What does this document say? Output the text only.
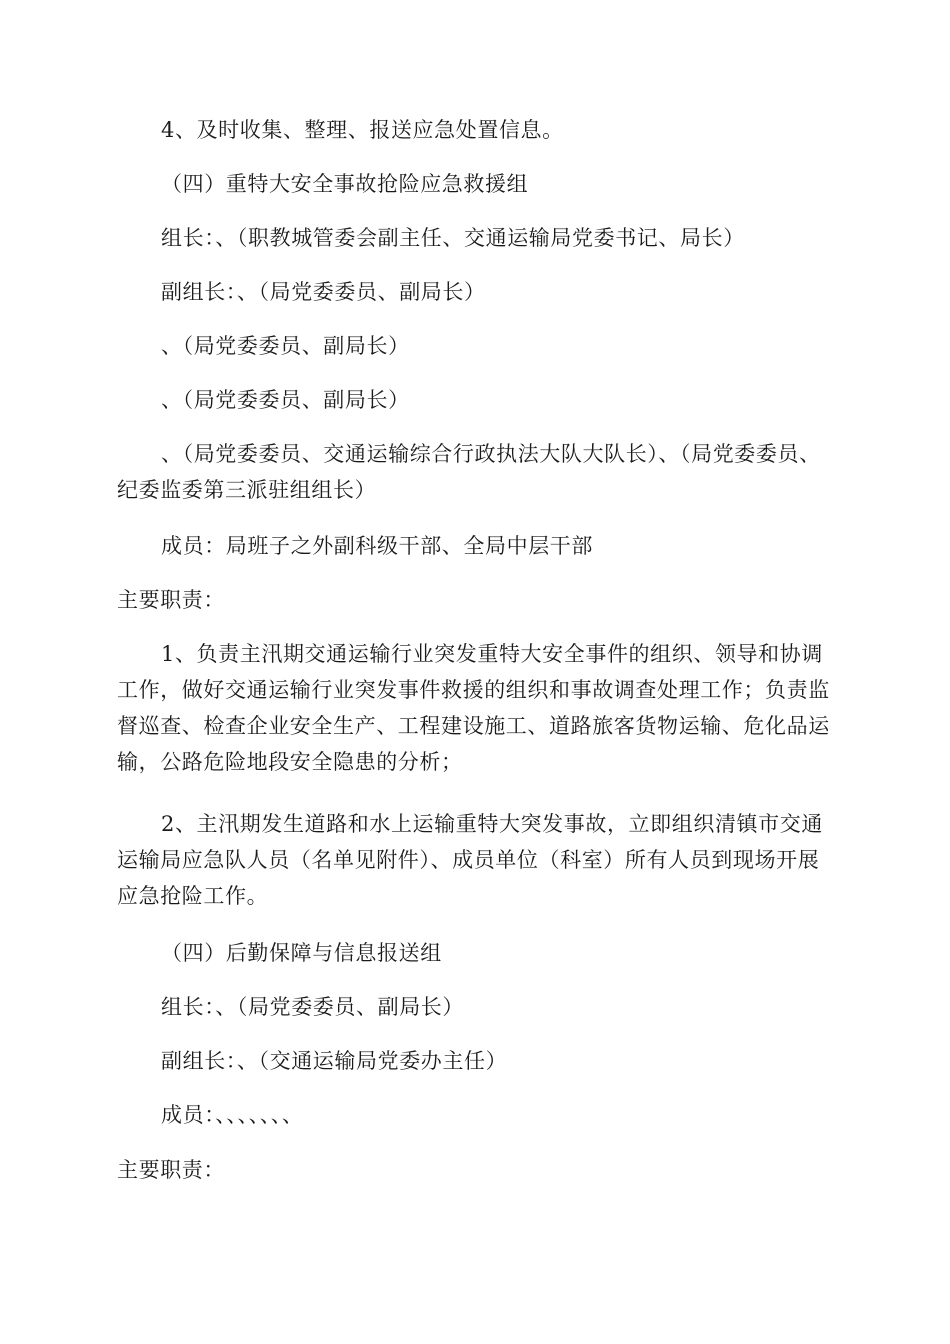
4、及时收集、整理、报送应急处置信息。
（四）重特大安全事故抢险应急救援组
组长：、（职教城管委会副主任、交通运输局党委书记、局长）
副组长：、（局党委委员、副局长）
、（局党委委员、副局长）
、（局党委委员、副局长）
、（局党委委员、交通运输综合行政执法大队大队长）、（局党委委员、纪委监委第三派驻组组长）
成员：局班子之外副科级干部、全局中层干部
主要职责：
1、负责主汛期交通运输行业突发重特大安全事件的组织、领导和协调工作，做好交通运输行业突发事件救援的组织和事故调查处理工作；负责监督巡查、检查企业安全生产、工程建设施工、道路旅客货物运输、危化品运输，公路危险地段安全隐患的分析；
2、主汛期发生道路和水上运输重特大突发事故，立即组织清镇市交通运输局应急队人员（名单见附件）、成员单位（科室）所有人员到现场开展应急抢险工作。
（四）后勤保障与信息报送组
组长：、（局党委委员、副局长）
副组长：、（交通运输局党委办主任）
成员：、、、、、、、
主要职责：
